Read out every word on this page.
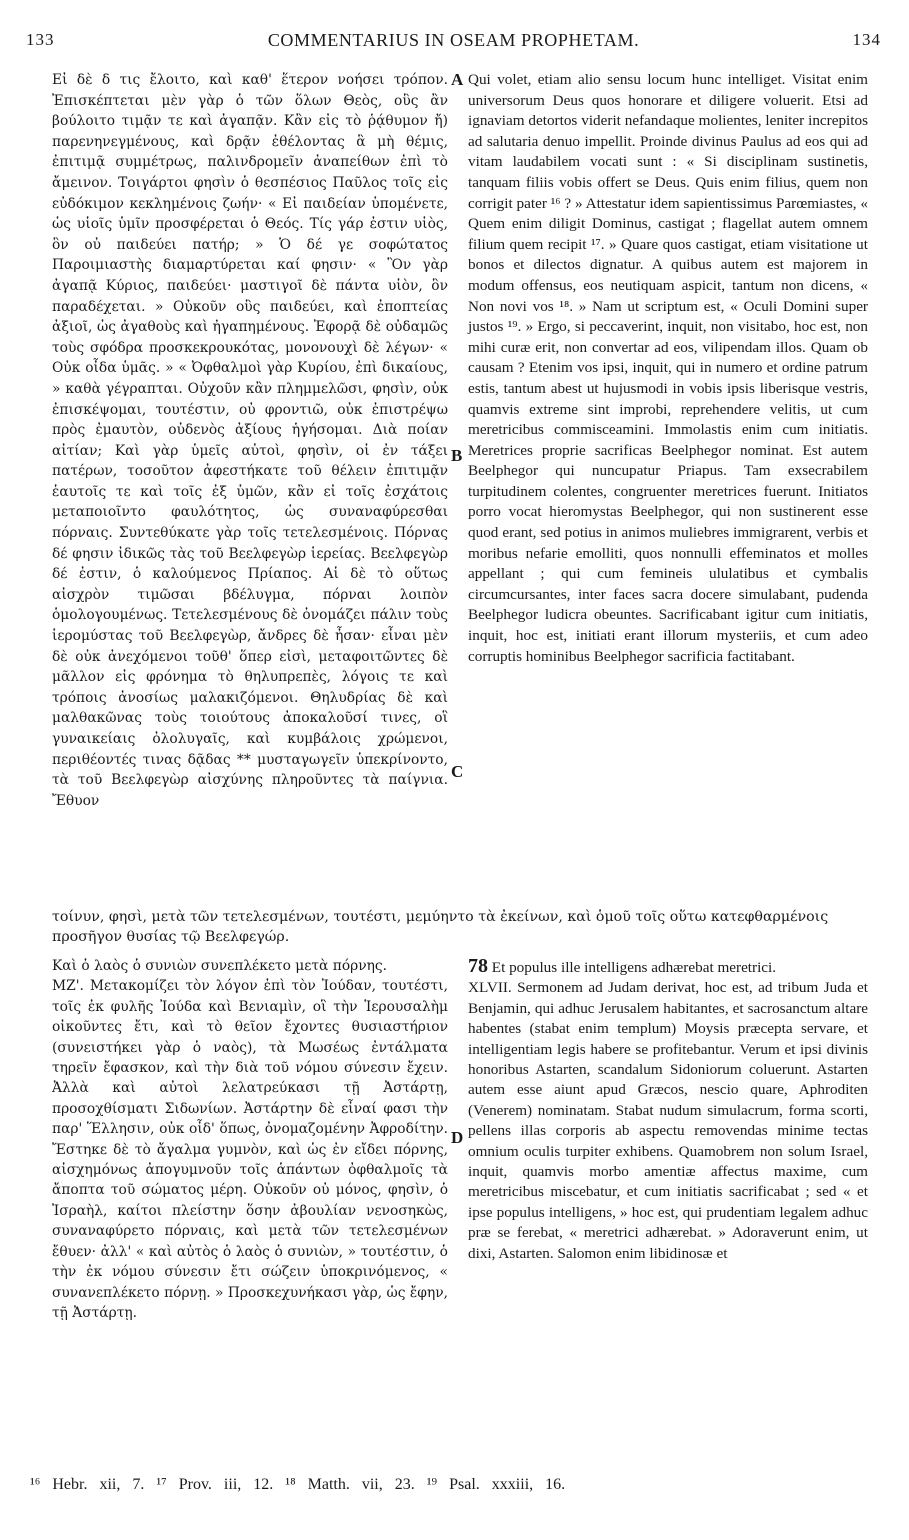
133	COMMENTARIUS IN OSEAM PROPHETAM.	134
A
B
C
D

Εἰ δὲ δ τις ἔλοιτο, καὶ καθ' ἕτερον νοήσει τρόπον. Ἐπισκέπτεται μὲν γὰρ ὁ τῶν ὅλων Θεὸς, οὓς ἂν βούλοιτο τιμᾷν τε καὶ ἀγαπᾷν. Κἂν εἰς τὸ ῥᾴθυμον ἤ) παρενηνεγμένους, καὶ δρᾷν ἐθέλοντας ἃ μὴ θέμις, ἐπιτιμᾷ συμμέτρως, παλινδρομεῖν ἀναπείθων ἐπὶ τὸ ἄμεινον. Τοιγάρτοι φησὶν ὁ θεσπέσιος Παῦλος τοῖς εἰς εὐδόκιμον κεκλημένοις ζωήν· « Εἰ παιδείαν ὑπομένετε, ὡς υἱοῖς ὑμῖν προσφέρεται ὁ Θεός. Τίς γάρ ἐστιν υἱὸς, ὃν οὐ παιδεύει πατήρ; » Ὁ δέ γε σοφώτατος Παροιμιαστὴς διαμαρτύρεται καί φησιν· « Ὃν γὰρ ἀγαπᾷ Κύριος, παιδεύει· μαστιγοῖ δὲ πάντα υἱὸν, ὃν παραδέχεται. » Οὐκοῦν οὓς παιδεύει, καὶ ἐποπτείας ἀξιοῖ, ὡς ἀγαθοὺς καὶ ἠγαπημένους. Ἐφορᾷ δὲ οὐδαμῶς τοὺς σφόδρα προσκεκρουκότας, μονονουχὶ δὲ λέγων· « Οὐκ οἶδα ὑμᾶς. » « Ὀφθαλμοὶ γὰρ Κυρίου, ἐπὶ δικαίους, » καθὰ γέγραπται. Οὐχοῦν κἂν πλημμελῶσι, φησὶν, οὐκ ἐπισκέψομαι, τουτέστιν, οὐ φροντιῶ, οὐκ ἐπιστρέψω πρὸς ἐμαυτὸν, οὐδενὸς ἀξίους ἡγήσομαι. Διὰ ποίαν αἰτίαν; Καὶ γὰρ ὑμεῖς αὐτοὶ, φησὶν, οἱ ἐν τάξει πατέρων, τοσοῦτον ἀφεστήκατε τοῦ θέλειν ἐπιτιμᾷν ἑαυτοῖς τε καὶ τοῖς ἐξ ὑμῶν, κἂν εἰ τοῖς ἐσχάτοις μεταποιοῖντο φαυλότητος, ὡς συναναφύρεσθαι πόρναις. Συντεθύκατε γὰρ τοῖς τετελεσμένοις. Πόρνας δέ φησιν ἰδικῶς τὰς τοῦ Βεελφεγὼρ ἱερείας. Βεελφεγὼρ δέ ἐστιν, ὁ καλούμενος Πρίαπος. Αἱ δὲ τὸ οὕτως αἰσχρὸν τιμῶσαι βδέλυγμα, πόρναι λοιπὸν ὁμολογουμένως. Τετελεσμένους δὲ ὀνομάζει πάλιν τοὺς ἱερομύστας τοῦ Βεελφεγὼρ, ἄνδρες δὲ ἦσαν· εἶναι μὲν δὲ οὐκ ἀνεχόμενοι τοῦθ' ὅπερ εἰσὶ, μεταφοιτῶντες δὲ μᾶλλον εἰς φρόνημα τὸ θηλυπρεπὲς, λόγοις τε καὶ τρόποις ἀνοσίως μαλακιζόμενοι. Θηλυδρίας δὲ καὶ μαλθακῶνας τοὺς τοιούτους ἀποκαλοῦσί τινες, οἳ γυναικείαις ὀλολυγαῖς, καὶ κυμβάλοις χρώμενοι, περιθέοντές τινας δᾷδας ** μυσταγωγεῖν ὑπεκρίνοντο, τὰ τοῦ Βεελφεγὼρ αἰσχύνης πληροῦντες τὰ παίγνια. Ἔθυον

Qui volet, etiam alio sensu locum hunc intelliget. Visitat enim universorum Deus quos honorare et diligere voluerit. Etsi ad ignaviam detortos viderit nefandaque molientes, leniter increpitos ad salutaria denuo impellit. Proinde divinus Paulus ad eos qui ad vitam laudabilem vocati sunt : « Si disciplinam sustinetis, tanquam filiis vobis offert se Deus. Quis enim filius, quem non corrigit pater ¹⁶ ? » Attestatur idem sapientissimus Parœmiastes, « Quem enim diligit Dominus, castigat ; flagellat autem omnem filium quem recipit ¹⁷. » Quare quos castigat, etiam visitatione ut bonos et dilectos dignatur. A quibus autem est majorem in modum offensus, eos neutiquam aspicit, tantum non dicens, « Non novi vos ¹⁸. » Nam ut scriptum est, « Oculi Domini super justos ¹⁹. » Ergo, si peccaverint, inquit, non visitabo, hoc est, non mihi curæ erit, non convertar ad eos, vilipendam illos. Quam ob causam ? Etenim vos ipsi, inquit, qui in numero et ordine patrum estis, tantum abest ut hujusmodi in vobis ipsis liberisque vestris, quamvis extreme sint improbi, reprehendere velitis, ut cum meretricibus commisceamini. Immolastis enim cum initiatis. Meretrices proprie sacrificas Beelphegor nominat. Est autem Beelphegor qui nuncupatur Priapus. Tam exsecrabilem turpitudinem colentes, congruenter meretrices fuerunt. Initiatos porro vocat hieromystas Beelphegor, qui non sustinerent esse quod erant, sed potius in animos muliebres immigrarent, verbis et moribus nefarie emolliti, quos nonnulli effeminatos et molles appellant ; qui cum femineis ululatibus et cymbalis circumcursantes, inter faces sacra docere simulabant, pudenda Beelphegor ludicra obeuntes. Sacrificabant igitur cum initiatis, inquit, hoc est, initiati erant illorum mysteriis, et cum adeo corruptis hominibus Beelphegor sacrificia factitabant.

τοίνυν, φησὶ, μετὰ τῶν τετελεσμένων, τουτέστι, μεμύηντο τὰ ἐκείνων, καὶ ὁμοῦ τοῖς οὕτω κατεφθαρμένοις προσῆγον θυσίας τῷ Βεελφεγώρ.

Καὶ ὁ λαὸς ὁ συνιὼν συνεπλέκετο μετὰ πόρνης.

ΜΖ'. Μετακομίζει τὸν λόγον ἐπὶ τὸν Ἰούδαν, τουτέστι, τοῖς ἐκ φυλῆς Ἰούδα καὶ Βενιαμὶν, οἳ τὴν Ἱερουσαλὴμ οἰκοῦντες ἔτι, καὶ τὸ θεῖον ἔχοντες θυσιαστήριον (συνειστήκει γὰρ ὁ ναὸς), τὰ Μωσέως ἐντάλματα τηρεῖν ἔφασκον, καὶ τὴν διὰ τοῦ νόμου σύνεσιν ἔχειν. Ἀλλὰ καὶ αὐτοὶ λελατρεύκασι τῇ Ἀστάρτῃ, προσοχθίσματι Σιδωνίων. Ἀστάρτην δὲ εἶναί φασι τὴν παρ' Ἕλλησιν, οὐκ οἶδ' ὅπως, ὀνομαζομένην Ἀφροδίτην. Ἔστηκε δὲ τὸ ἄγαλμα γυμνὸν, καὶ ὡς ἐν εἴδει πόρνης, αἰσχημόνως ἀπογυμνοῦν τοῖς ἁπάντων ὀφθαλμοῖς τὰ ἄποπτα τοῦ σώματος μέρη. Οὐκοῦν οὐ μόνος, φησὶν, ὁ Ἰσραὴλ, καίτοι πλείστην ὅσην ἀβουλίαν νενοσηκὼς, συναναφύρετο πόρναις, καὶ μετὰ τῶν τετελεσμένων ἔθυεν· ἀλλ' « καὶ αὐτὸς ὁ λαὸς ὁ συνιὼν, » τουτέστιν, ὁ τὴν ἐκ νόμου σύνεσιν ἔτι σώζειν ὑποκρινόμενος, « συνανεπλέκετο πόρνῃ. » Προσκεχυνήκασι γὰρ, ὡς ἔφην, τῇ Ἀστάρτῃ.

78 Et populus ille intelligens adhærebat meretrici.

XLVII. Sermonem ad Judam derivat, hoc est, ad tribum Juda et Benjamin, qui adhuc Jerusalem habitantes, et sacrosanctum altare habentes (stabat enim templum) Moysis præcepta servare, et intelligentiam legis habere se profitebantur. Verum et ipsi divinis honoribus Astarten, scandalum Sidoniorum coluerunt. Astarten autem esse aiunt apud Græcos, nescio quare, Aphroditen (Venerem) nominatam. Stabat nudum simulacrum, forma scorti, pellens illas corporis ab aspectu removendas minime tectas omnium oculis turpiter exhibens. Quamobrem non solum Israel, inquit, quamvis morbo amentiæ affectus maxime, cum meretricibus miscebatur, et cum initiatis sacrificabat ; sed « et ipse populus intelligens, » hoc est, qui prudentiam legalem adhuc præ se ferebat, « meretrici adhærebat. » Adoraverunt enim, ut dixi, Astarten. Salomon enim libidinosæ et

¹⁶ Hebr. xii, 7. ¹⁷ Prov. iii, 12. ¹⁸ Matth. vii, 23. ¹⁹ Psal. xxxiii, 16.
